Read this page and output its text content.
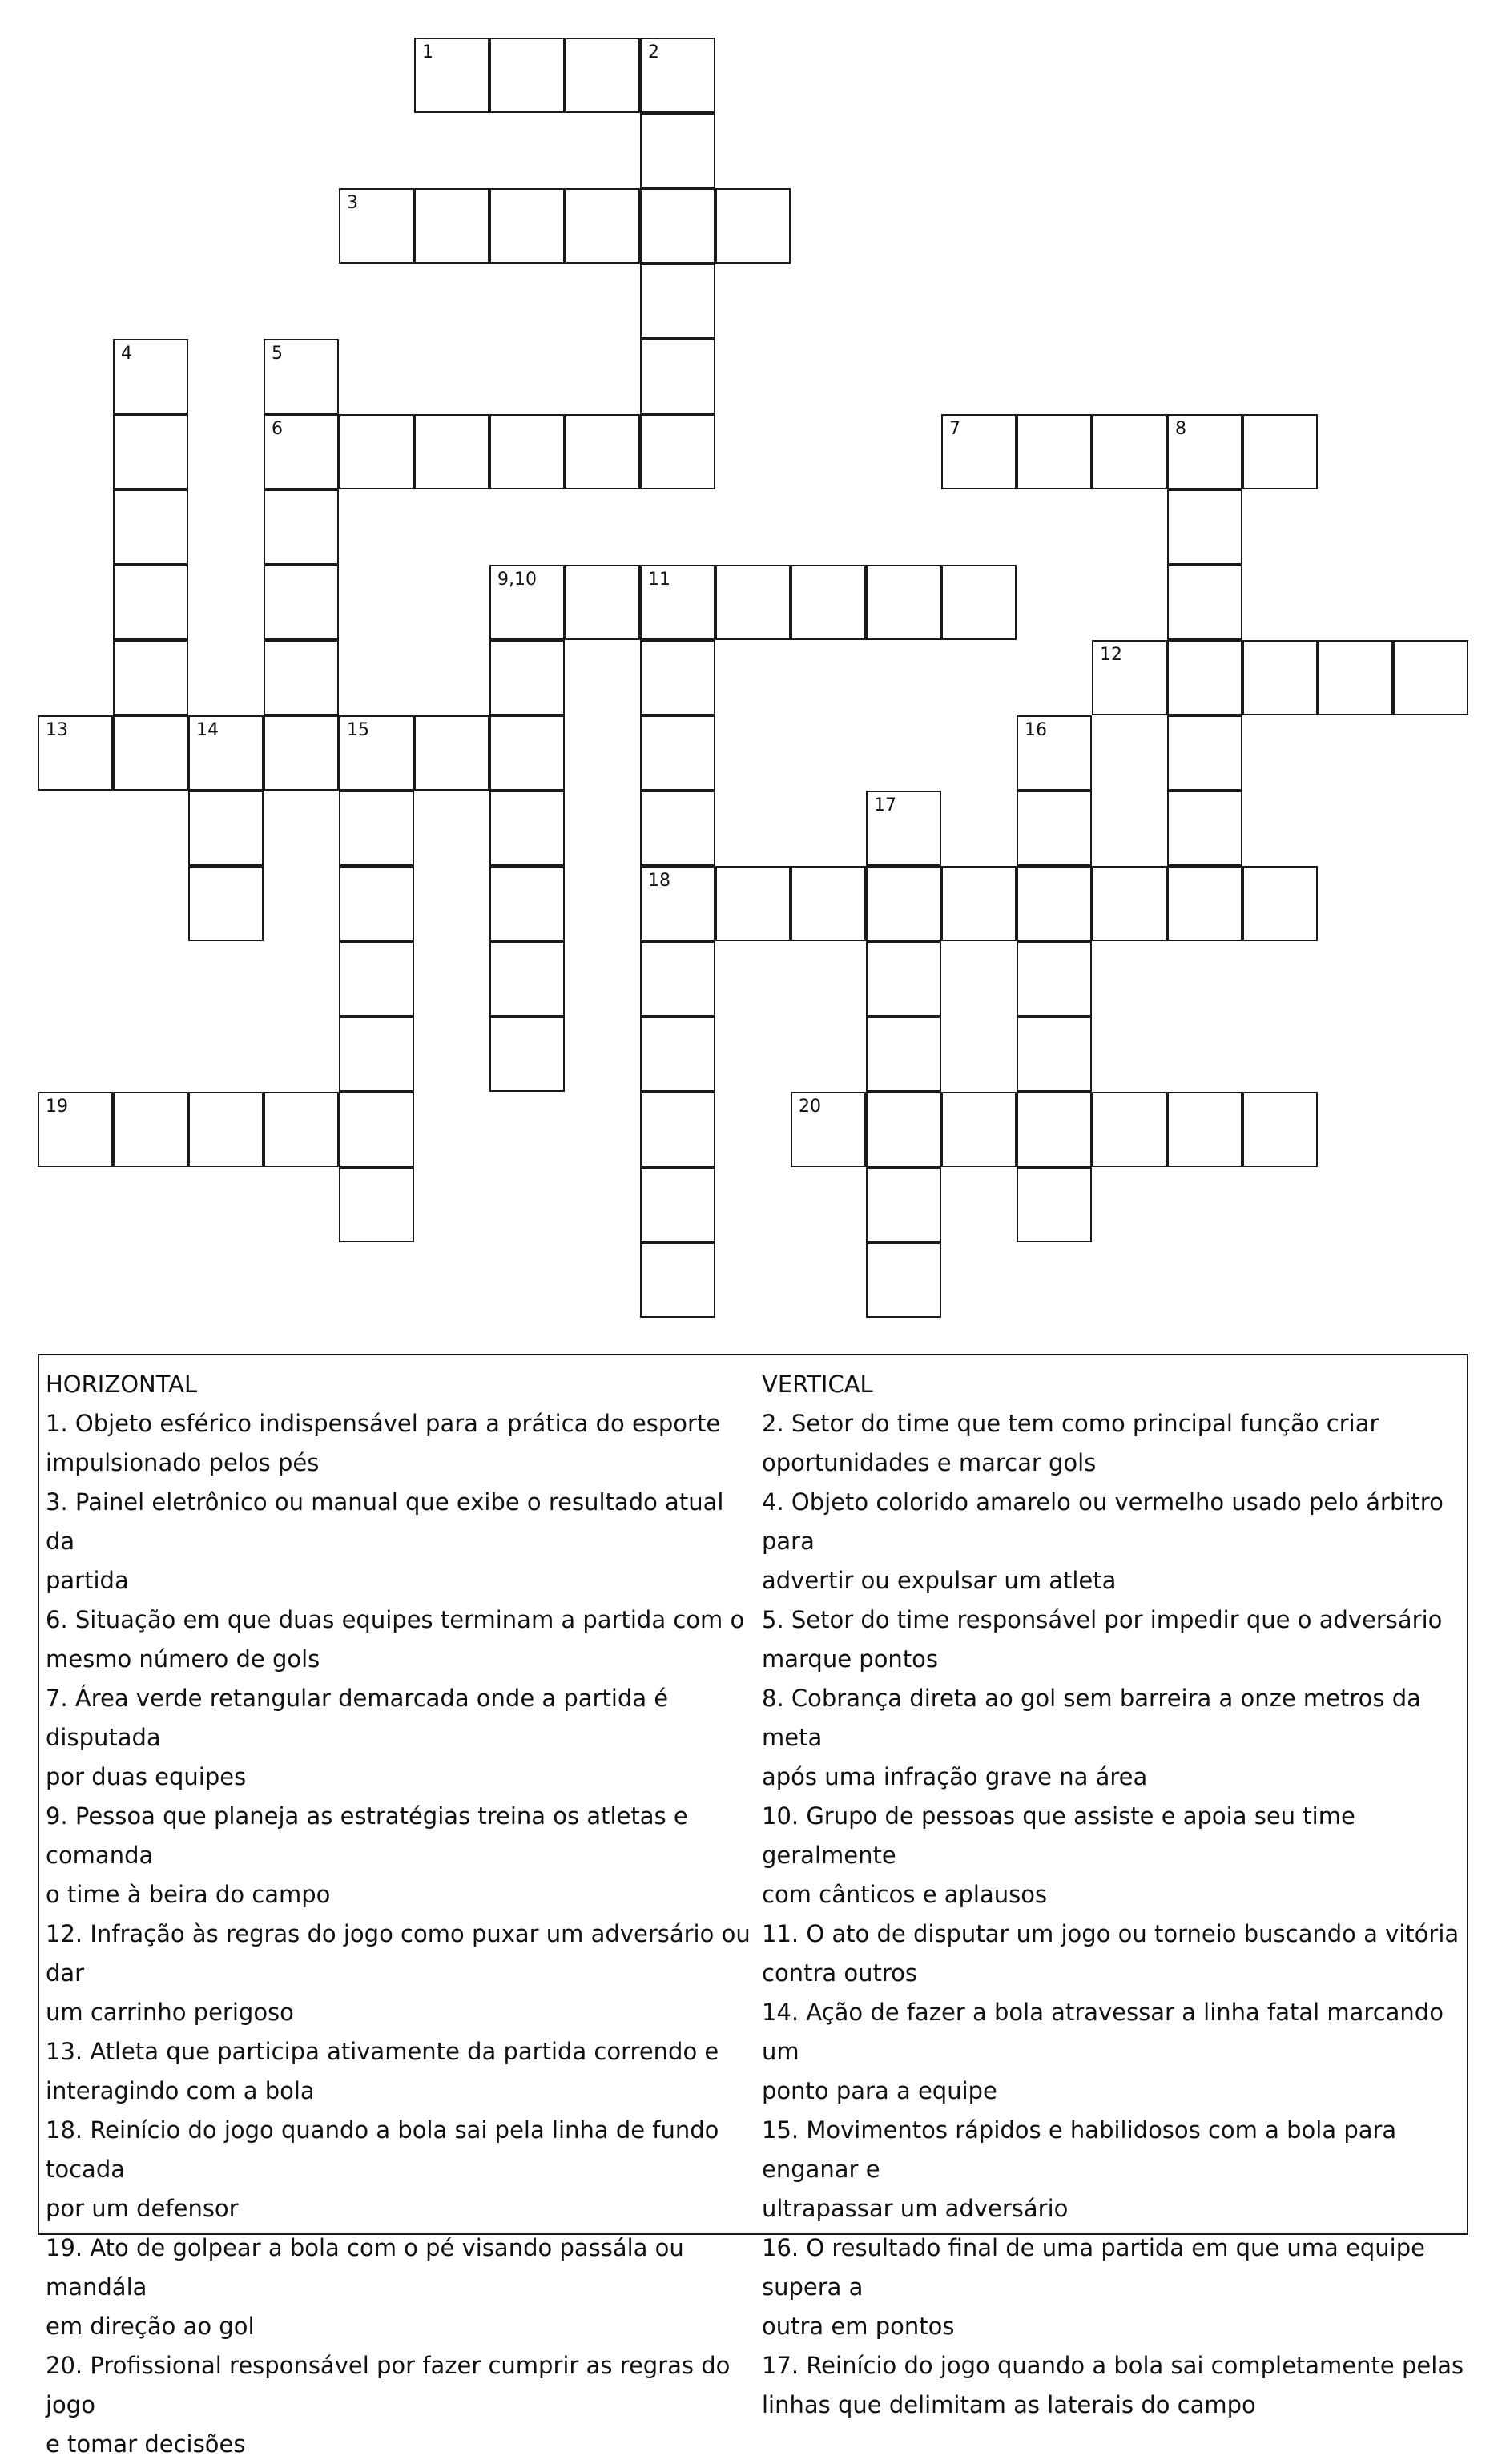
1	2
3
4	5
6	7	8
9,10	11
12
13	14	15	16
17
18
19	20
HORIZONTAL
1. Objeto esférico indispensável para a prática do esporte
impulsionado pelos pés
3. Painel eletrônico ou manual que exibe o resultado atual da
partida
6. Situação em que duas equipes terminam a partida com o
mesmo número de gols
7. Área verde retangular demarcada onde a partida é disputada
por duas equipes
9. Pessoa que planeja as estratégias treina os atletas e comanda
o time à beira do campo
12. Infração às regras do jogo como puxar um adversário ou dar
um carrinho perigoso
13. Atleta que participa ativamente da partida correndo e
interagindo com a bola
18. Reinício do jogo quando a bola sai pela linha de fundo tocada
por um defensor
19. Ato de golpear a bola com o pé visando passála ou mandála
em direção ao gol
20. Profissional responsável por fazer cumprir as regras do jogo
e tomar decisões
VERTICAL
2. Setor do time que tem como principal função criar
oportunidades e marcar gols
4. Objeto colorido amarelo ou vermelho usado pelo árbitro para
advertir ou expulsar um atleta
5. Setor do time responsável por impedir que o adversário
marque pontos
8. Cobrança direta ao gol sem barreira a onze metros da meta
após uma infração grave na área
10. Grupo de pessoas que assiste e apoia seu time geralmente
com cânticos e aplausos
11. O ato de disputar um jogo ou torneio buscando a vitória
contra outros
14. Ação de fazer a bola atravessar a linha fatal marcando um
ponto para a equipe
15. Movimentos rápidos e habilidosos com a bola para enganar e
ultrapassar um adversário
16. O resultado final de uma partida em que uma equipe supera a
outra em pontos
17. Reinício do jogo quando a bola sai completamente pelas
linhas que delimitam as laterais do campo
